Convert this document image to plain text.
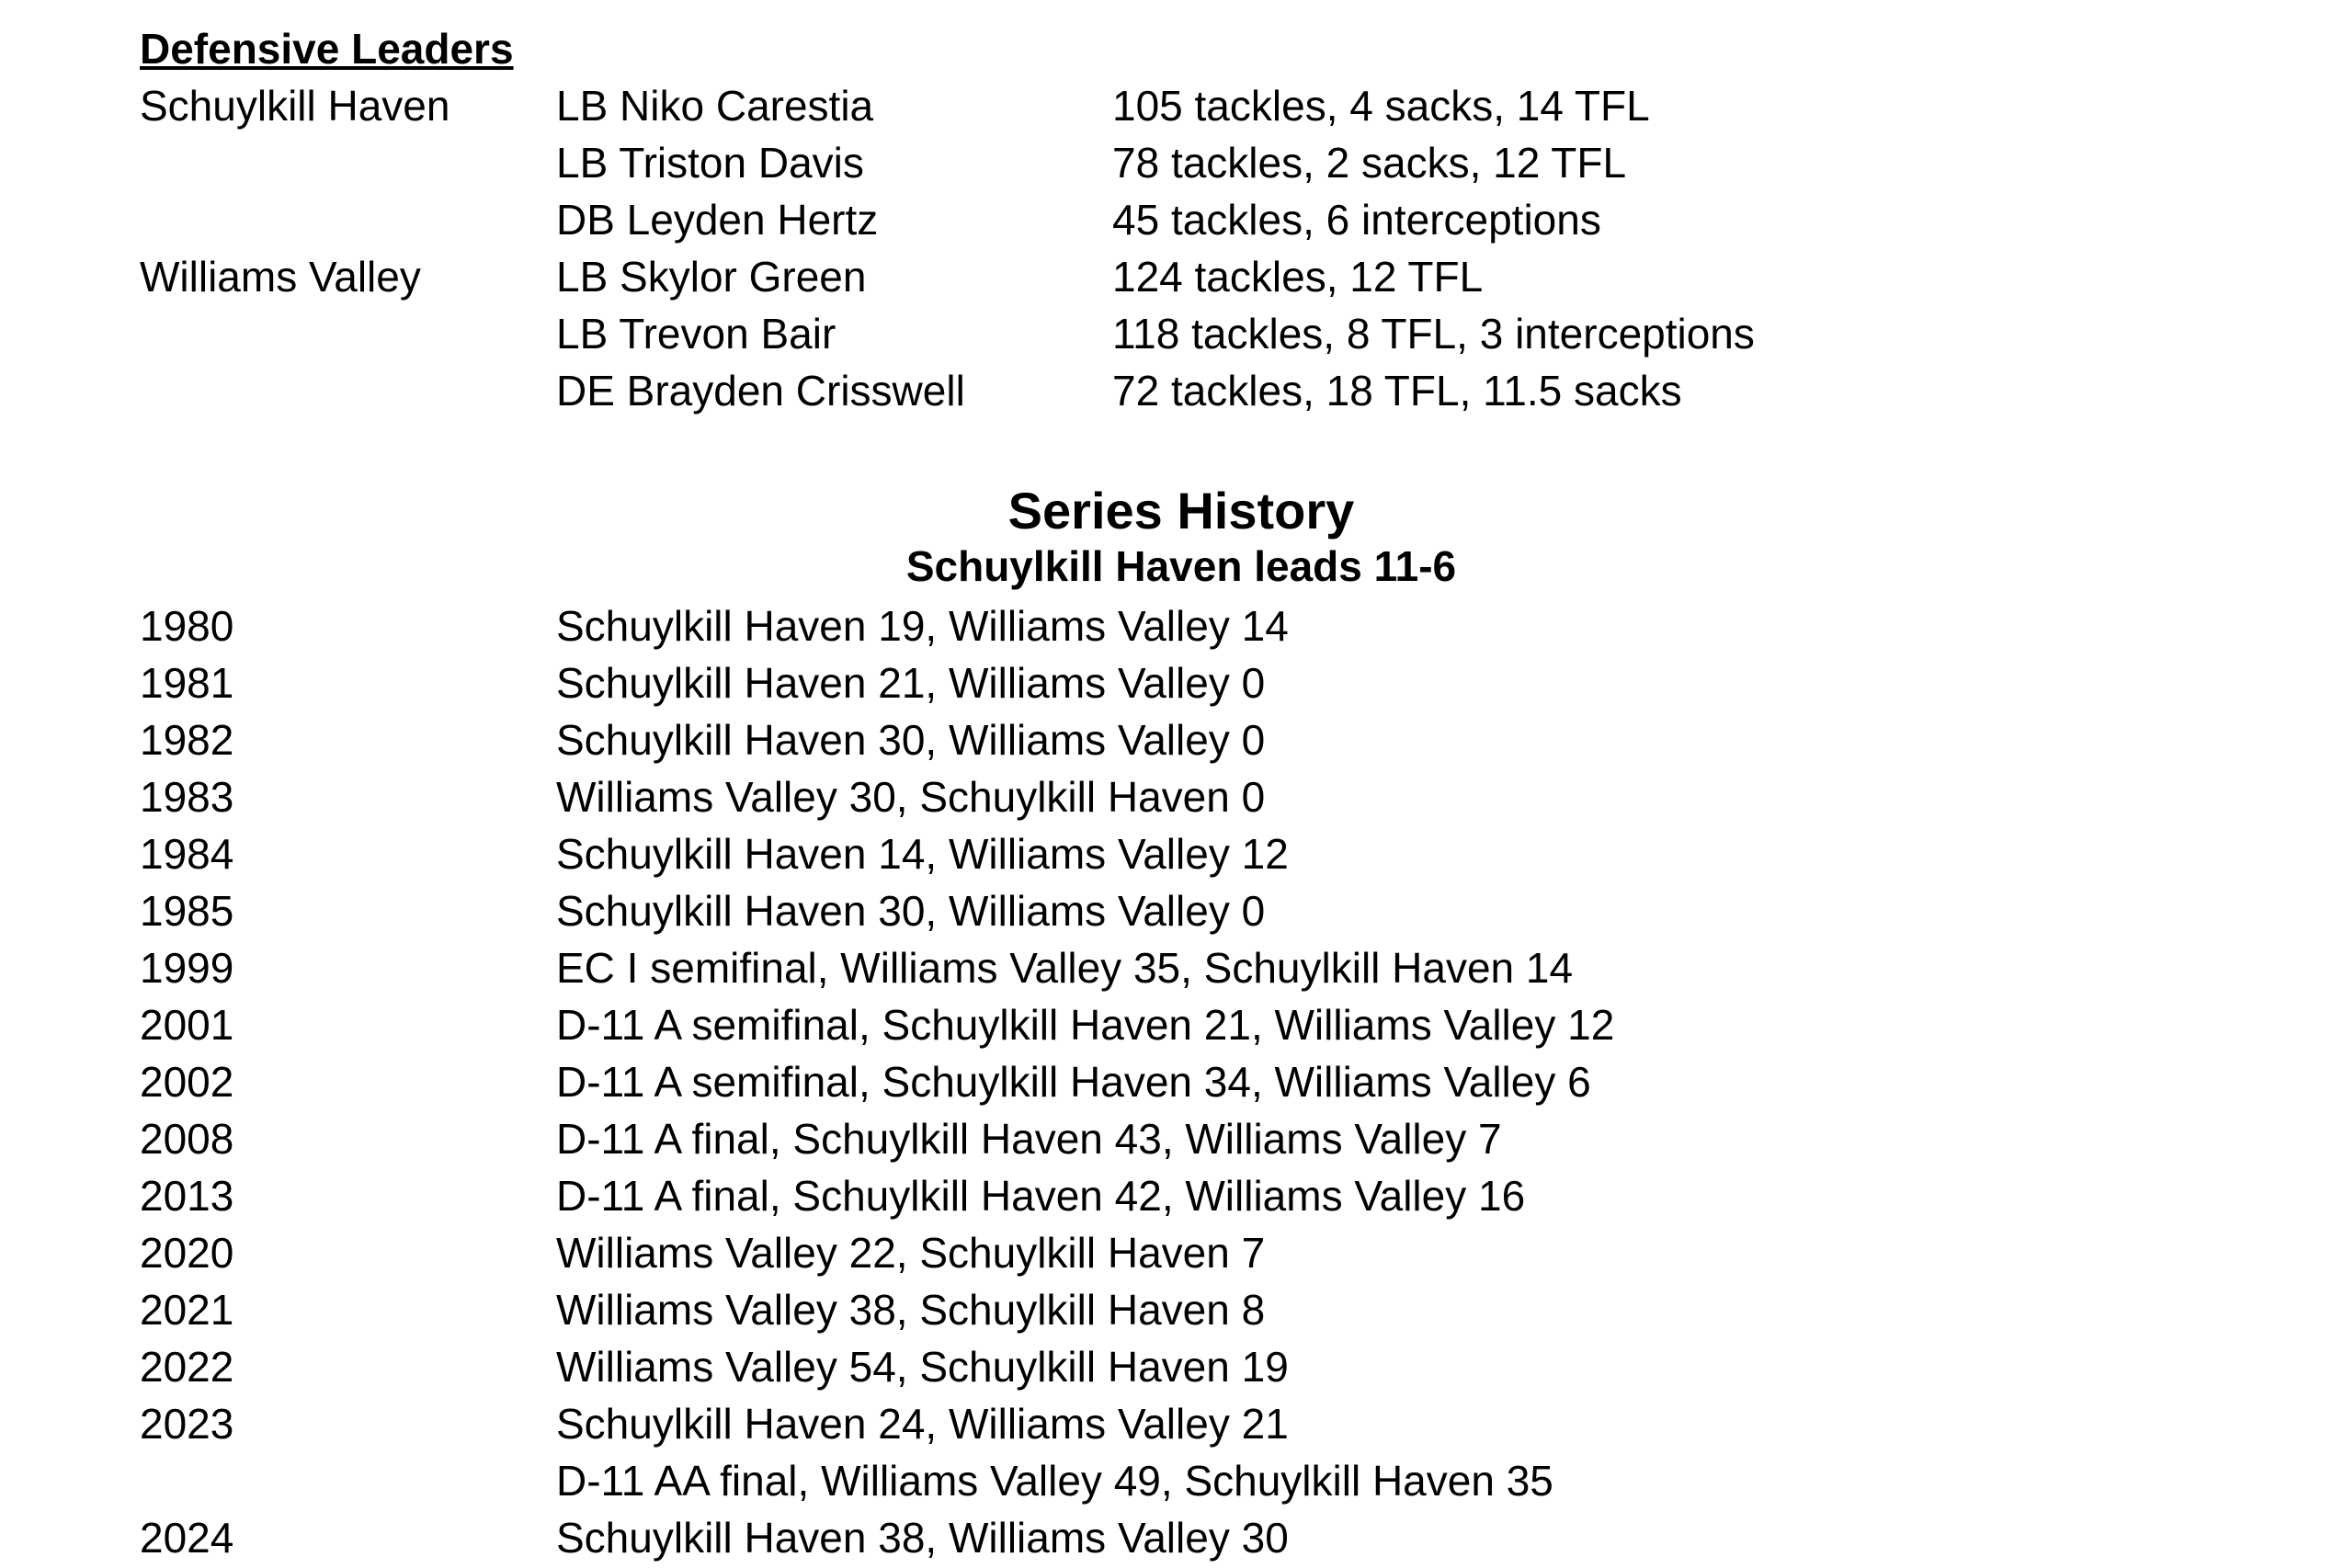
Defensive Leaders
Schuylkill Haven	LB Niko Carestia	105 tackles, 4 sacks, 14 TFL
LB Triston Davis	78 tackles, 2 sacks, 12 TFL
DB Leyden Hertz	45 tackles, 6 interceptions
Williams Valley	LB Skylor Green	124 tackles, 12 TFL
LB Trevon Bair	118 tackles, 8 TFL, 3 interceptions
DE Brayden Crisswell	72 tackles, 18 TFL, 11.5 sacks
Series History
Schuylkill Haven leads 11-6
1980	Schuylkill Haven 19, Williams Valley 14
1981	Schuylkill Haven 21, Williams Valley 0
1982	Schuylkill Haven 30, Williams Valley 0
1983	Williams Valley 30, Schuylkill Haven 0
1984	Schuylkill Haven 14, Williams Valley 12
1985	Schuylkill Haven 30, Williams Valley 0
1999	EC I semifinal, Williams Valley 35, Schuylkill Haven 14
2001	D-11 A semifinal, Schuylkill Haven 21, Williams Valley 12
2002	D-11 A semifinal, Schuylkill Haven 34, Williams Valley 6
2008	D-11 A final, Schuylkill Haven 43, Williams Valley 7
2013	D-11 A final, Schuylkill Haven 42, Williams Valley 16
2020	Williams Valley 22, Schuylkill Haven 7
2021	Williams Valley 38, Schuylkill Haven 8
2022	Williams Valley 54, Schuylkill Haven 19
2023	Schuylkill Haven 24, Williams Valley 21
D-11 AA final, Williams Valley 49, Schuylkill Haven 35
2024	Schuylkill Haven 38, Williams Valley 30
